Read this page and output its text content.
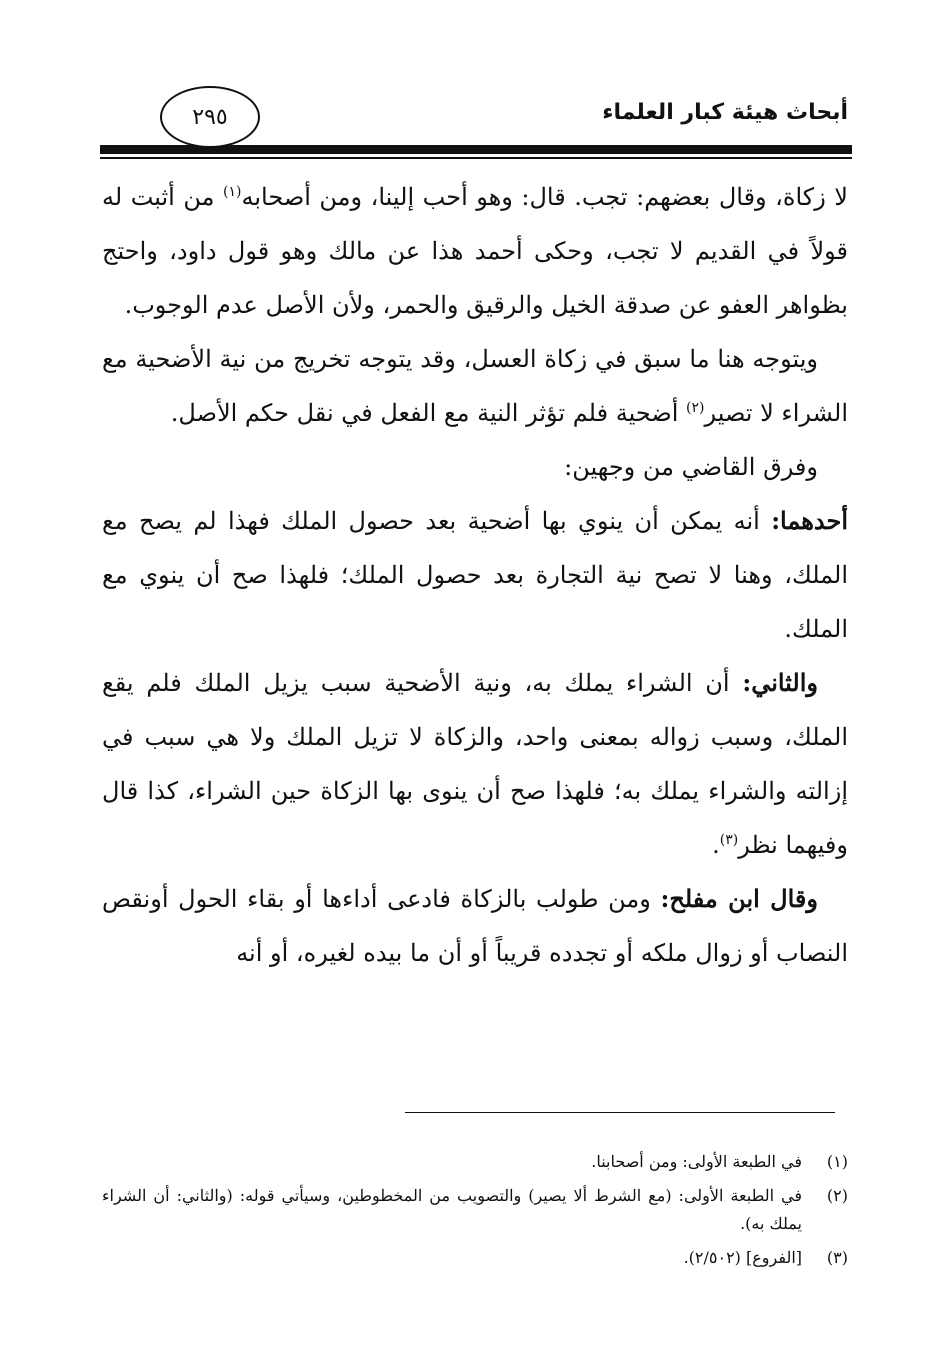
أبحاث هيئة كبار العلماء
٢٩٥

لا زكاة، وقال بعضهم: تجب. قال: وهو أحب إلينا، ومن أصحابه$^{(١)}$ من أثبت له قولاً في القديم لا تجب، وحكى أحمد هذا عن مالك وهو قول داود، واحتج بظواهر العفو عن صدقة الخيل والرقيق والحمر، ولأن الأصل عدم الوجوب.

ويتوجه هنا ما سبق في زكاة العسل، وقد يتوجه تخريج من نية الأضحية مع الشراء لا تصير$^{(٢)}$ أضحية فلم تؤثر النية مع الفعل في نقل حكم الأصل.

وفرق القاضي من وجهين:

أحدهما: أنه يمكن أن ينوي بها أضحية بعد حصول الملك فهذا لم يصح مع الملك، وهنا لا تصح نية التجارة بعد حصول الملك؛ فلهذا صح أن ينوي مع الملك.

والثاني: أن الشراء يملك به، ونية الأضحية سبب يزيل الملك فلم يقع الملك، وسبب زواله بمعنى واحد، والزكاة لا تزيل الملك ولا هي سبب في إزالته والشراء يملك به؛ فلهذا صح أن ينوى بها الزكاة حين الشراء، كذا قال وفيهما نظر$^{(٣)}$.

وقال ابن مفلح: ومن طولب بالزكاة فادعى أداءها أو بقاء الحول أونقص النصاب أو زوال ملكه أو تجدده قريباً أو أن ما بيده لغيره، أو أنه

(١)
في الطبعة الأولى: ومن أصحابنا.
(٢)
في الطبعة الأولى: (مع الشرط ألا يصير) والتصويب من المخطوطين، وسيأتي قوله: (والثاني: أن الشراء يملك به).
(٣)
[الفروع] (٢/٥٠٢).
